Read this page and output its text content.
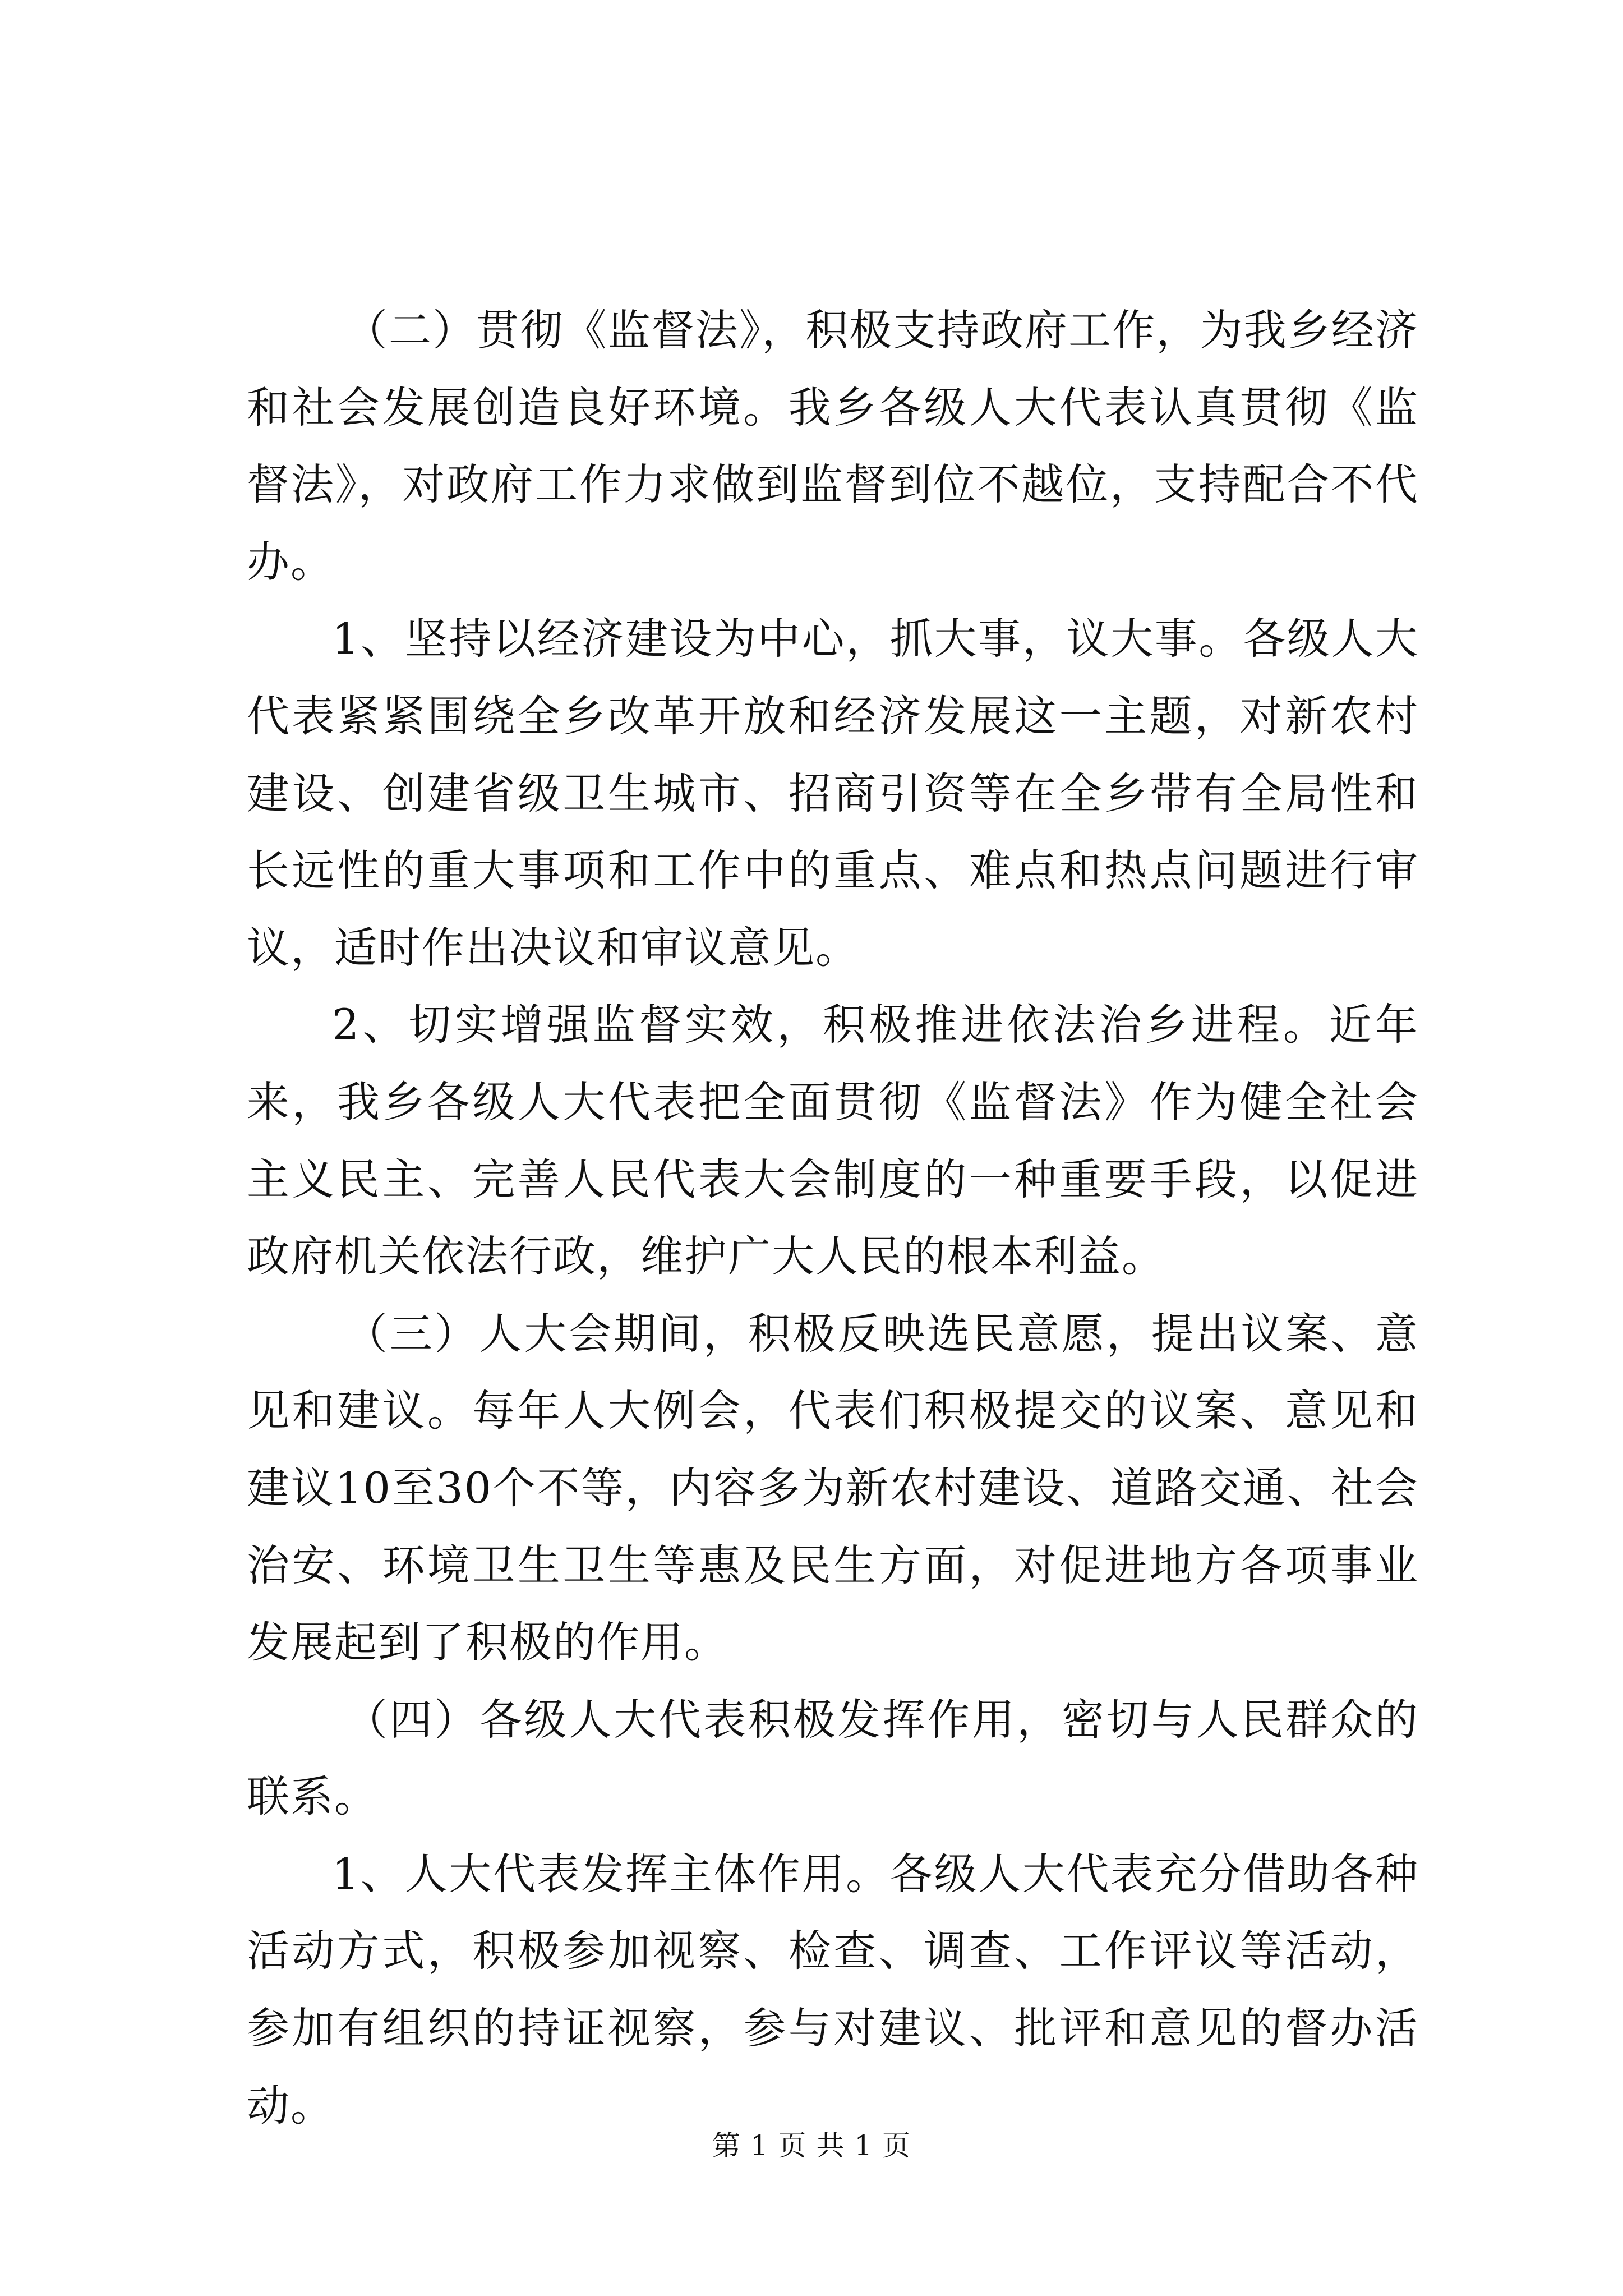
（二）贯彻《监督法》，积极支持政府工作，为我乡经济和社会发展创造良好环境。我乡各级人大代表认真贯彻《监督法》，对政府工作力求做到监督到位不越位，支持配合不代办。

1、坚持以经济建设为中心，抓大事，议大事。各级人大代表紧紧围绕全乡改革开放和经济发展这一主题，对新农村建设、创建省级卫生城市、招商引资等在全乡带有全局性和长远性的重大事项和工作中的重点、难点和热点问题进行审议，适时作出决议和审议意见。

2、切实增强监督实效，积极推进依法治乡进程。近年来，我乡各级人大代表把全面贯彻《监督法》作为健全社会主义民主、完善人民代表大会制度的一种重要手段，以促进政府机关依法行政，维护广大人民的根本利益。

（三）人大会期间，积极反映选民意愿，提出议案、意见和建议。每年人大例会，代表们积极提交的议案、意见和建议10至30个不等，内容多为新农村建设、道路交通、社会治安、环境卫生卫生等惠及民生方面，对促进地方各项事业发展起到了积极的作用。

（四）各级人大代表积极发挥作用，密切与人民群众的联系。

1、人大代表发挥主体作用。各级人大代表充分借助各种活动方式，积极参加视察、检查、调查、工作评议等活动，参加有组织的持证视察，参与对建议、批评和意见的督办活动。

第 1 页 共 1 页
